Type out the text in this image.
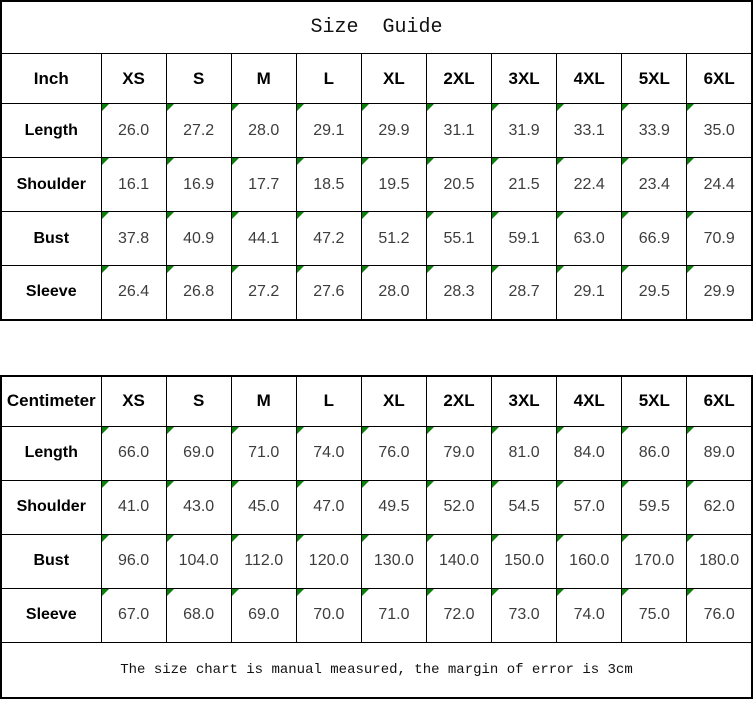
Size Guide										
Inch	XS	S	M	L	XL	2XL	3XL	4XL	5XL	6XL
Length	26.0	27.2	28.0	29.1	29.9	31.1	31.9	33.1	33.9	35.0
Shoulder	16.1	16.9	17.7	18.5	19.5	20.5	21.5	22.4	23.4	24.4
Bust	37.8	40.9	44.1	47.2	51.2	55.1	59.1	63.0	66.9	70.9
Sleeve	26.4	26.8	27.2	27.6	28.0	28.3	28.7	29.1	29.5	29.9
Centimeter	XS	S	M	L	XL	2XL	3XL	4XL	5XL	6XL
Length	66.0	69.0	71.0	74.0	76.0	79.0	81.0	84.0	86.0	89.0
Shoulder	41.0	43.0	45.0	47.0	49.5	52.0	54.5	57.0	59.5	62.0
Bust	96.0	104.0	112.0	120.0	130.0	140.0	150.0	160.0	170.0	180.0
Sleeve	67.0	68.0	69.0	70.0	71.0	72.0	73.0	74.0	75.0	76.0
The size chart is manual measured, the margin of error is 3cm										
